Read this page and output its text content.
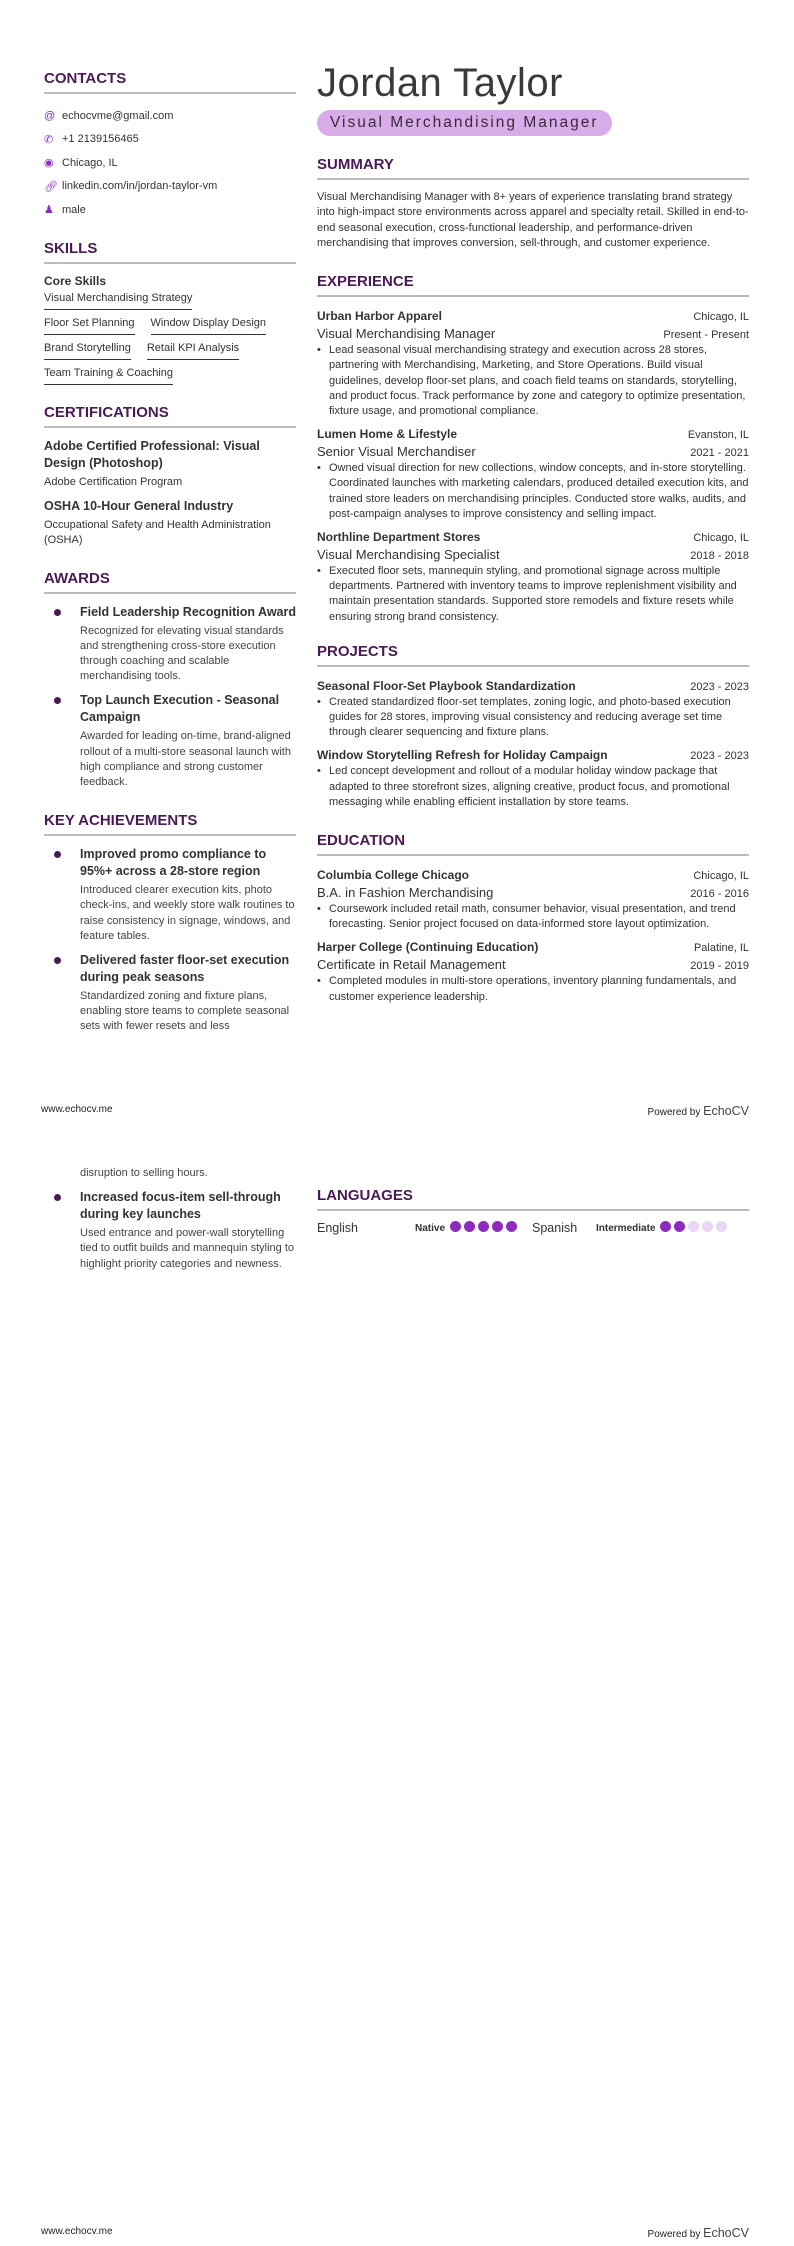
CONTACTS
@ echocvme@gmail.com
✆ +1 2139156465
◉ Chicago, IL
🔗︎ linkedin.com/in/jordan-taylor-vm
♟ male
SKILLS
Core Skills
Visual Merchandising Strategy
Floor Set Planning Window Display Design
Brand Storytelling Retail KPI Analysis
Team Training & Coaching
CERTIFICATIONS
Adobe Certified Professional: Visual Design (Photoshop)
Adobe Certification Program
OSHA 10-Hour General Industry
Occupational Safety and Health Administration (OSHA)
AWARDS
Field Leadership Recognition Award
Recognized for elevating visual standards and strengthening cross-store execution through coaching and scalable merchandising tools.
Top Launch Execution - Seasonal Campaign
Awarded for leading on-time, brand-aligned rollout of a multi-store seasonal launch with high compliance and strong customer feedback.
KEY ACHIEVEMENTS
Improved promo compliance to 95%+ across a 28-store region
Introduced clearer execution kits, photo check-ins, and weekly store walk routines to raise consistency in signage, windows, and feature tables.
Delivered faster floor-set execution during peak seasons
Standardized zoning and fixture plans, enabling store teams to complete seasonal sets with fewer resets and less
Jordan Taylor
Visual Merchandising Manager
SUMMARY
Visual Merchandising Manager with 8+ years of experience translating brand strategy into high-impact store environments across apparel and specialty retail. Skilled in end-to-end seasonal execution, cross-functional leadership, and performance-driven merchandising that improves conversion, sell-through, and customer experience.
EXPERIENCE
Urban Harbor Apparel	Chicago, IL
Visual Merchandising Manager	Present - Present
• Lead seasonal visual merchandising strategy and execution across 28 stores, partnering with Merchandising, Marketing, and Store Operations. Build visual guidelines, develop floor-set plans, and coach field teams on standards, storytelling, and product focus. Track performance by zone and category to optimize presentation, fixture usage, and promotional compliance.
Lumen Home & Lifestyle	Evanston, IL
Senior Visual Merchandiser	2021 - 2021
• Owned visual direction for new collections, window concepts, and in-store storytelling. Coordinated launches with marketing calendars, produced detailed execution kits, and trained store leaders on merchandising principles. Conducted store walks, audits, and post-campaign analyses to improve consistency and selling impact.
Northline Department Stores	Chicago, IL
Visual Merchandising Specialist	2018 - 2018
• Executed floor sets, mannequin styling, and promotional signage across multiple departments. Partnered with inventory teams to improve replenishment visibility and maintain presentation standards. Supported store remodels and fixture resets while ensuring strong brand consistency.
PROJECTS
Seasonal Floor-Set Playbook Standardization	2023 - 2023
• Created standardized floor-set templates, zoning logic, and photo-based execution guides for 28 stores, improving visual consistency and reducing average set time through clearer sequencing and fixture plans.
Window Storytelling Refresh for Holiday Campaign	2023 - 2023
• Led concept development and rollout of a modular holiday window package that adapted to three storefront sizes, aligning creative, product focus, and promotional messaging while enabling efficient installation by store teams.
EDUCATION
Columbia College Chicago	Chicago, IL
B.A. in Fashion Merchandising	2016 - 2016
• Coursework included retail math, consumer behavior, visual presentation, and trend forecasting. Senior project focused on data-informed store layout optimization.
Harper College (Continuing Education)	Palatine, IL
Certificate in Retail Management	2019 - 2019
• Completed modules in multi-store operations, inventory planning fundamentals, and customer experience leadership.
www.echocv.me	Powered by EchoCV
disruption to selling hours.
Increased focus-item sell-through during key launches
Used entrance and power-wall storytelling tied to outfit builds and mannequin styling to highlight priority categories and newness.
LANGUAGES
English	Native	Spanish	Intermediate
www.echocv.me	Powered by EchoCV
